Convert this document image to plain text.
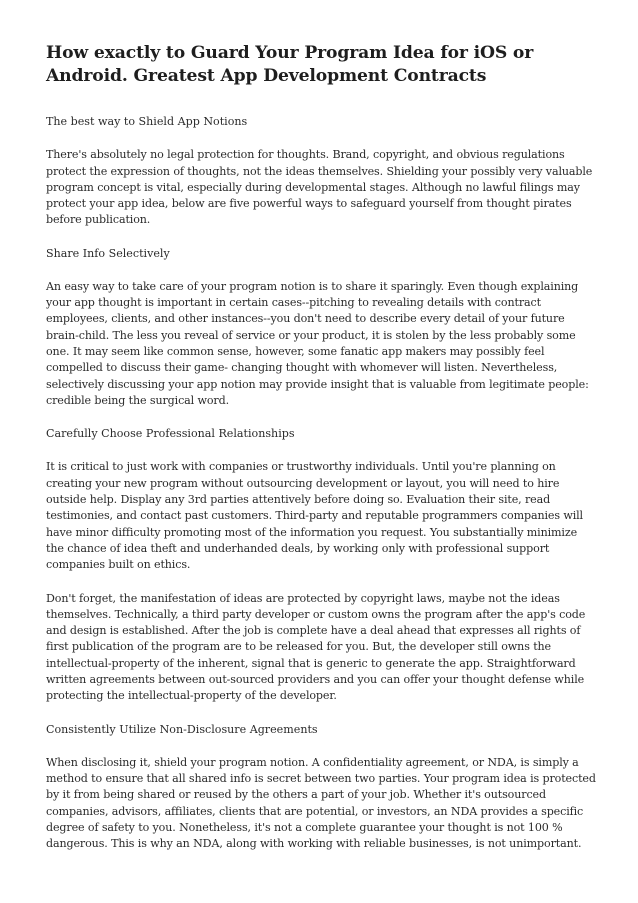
How exactly to Guard Your Program Idea for iOS or Android. Greatest App Development Contracts
The best way to Shield App Notions

There's absolutely no legal protection for thoughts. Brand, copyright, and obvious regulations protect the expression of thoughts, not the ideas themselves. Shielding your possibly very valuable program concept is vital, especially during developmental stages. Although no lawful filings may protect your app idea, below are five powerful ways to safeguard yourself from thought pirates before publication.

Share Info Selectively

An easy way to take care of your program notion is to share it sparingly. Even though explaining your app thought is important in certain cases--pitching to revealing details with contract employees, clients, and other instances--you don't need to describe every detail of your future brain-child. The less you reveal of service or your product, it is stolen by the less probably some one. It may seem like common sense, however, some fanatic app makers may possibly feel compelled to discuss their game- changing thought with whomever will listen. Nevertheless, selectively discussing your app notion may provide insight that is valuable from legitimate people: credible being the surgical word.

Carefully Choose Professional Relationships

It is critical to just work with companies or trustworthy individuals. Until you're planning on creating your new program without outsourcing development or layout, you will need to hire outside help. Display any 3rd parties attentively before doing so. Evaluation their site, read testimonies, and contact past customers. Third-party and reputable programmers companies will have minor difficulty promoting most of the information you request. You substantially minimize the chance of idea theft and underhanded deals, by working only with professional support companies built on ethics.

Don't forget, the manifestation of ideas are protected by copyright laws, maybe not the ideas themselves. Technically, a third party developer or custom owns the program after the app's code and design is established. After the job is complete have a deal ahead that expresses all rights of first publication of the program are to be released for you. But, the developer still owns the intellectual-property of the inherent, signal that is generic to generate the app. Straightforward written agreements between out-sourced providers and you can offer your thought defense while protecting the intellectual-property of the developer.

Consistently Utilize Non-Disclosure Agreements

When disclosing it, shield your program notion. A confidentiality agreement, or NDA, is simply a method to ensure that all shared info is secret between two parties. Your program idea is protected by it from being shared or reused by the others a part of your job. Whether it's outsourced companies, advisors, affiliates, clients that are potential, or investors, an NDA provides a specific degree of safety to you. Nonetheless, it's not a complete guarantee your thought is not 100 % dangerous. This is why an NDA, along with working with reliable businesses, is not unimportant.
